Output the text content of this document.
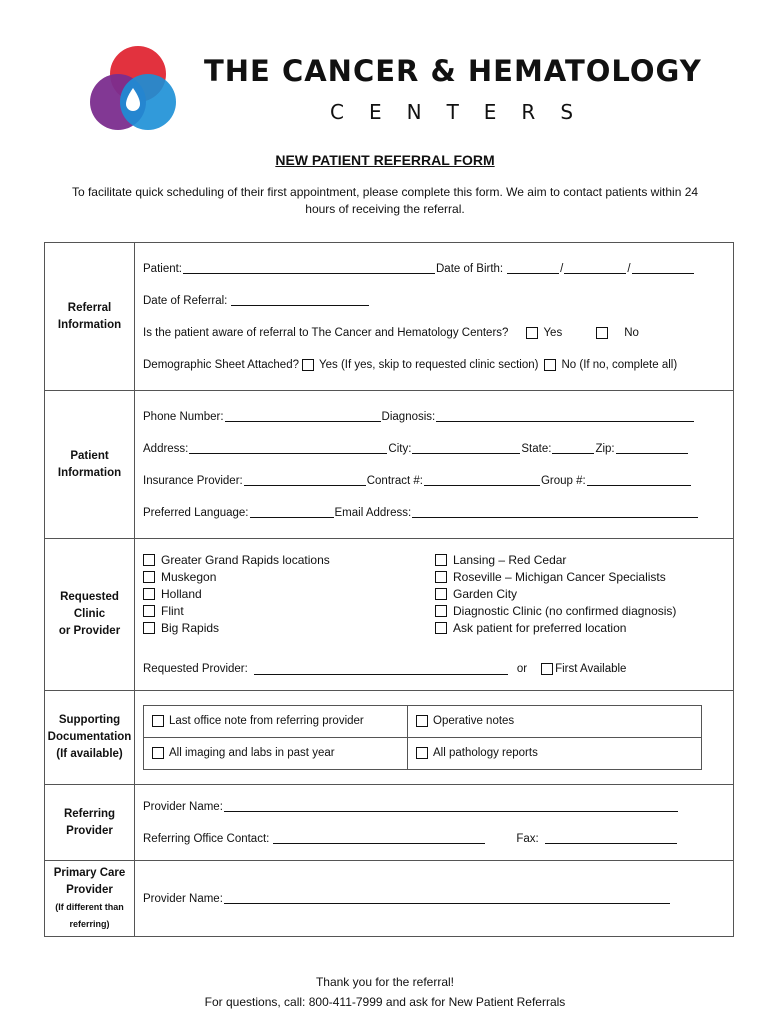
THE CANCER & HEMATOLOGY
CENTERS
NEW PATIENT REFERRAL FORM
To facilitate quick scheduling of their first appointment, please complete this form. We aim to contact patients within 24
hours of receiving the referral.
Referral
Information

Patient:	Date of Birth:	/	/
Date of Referral:
Is the patient aware of referral to The Cancer and Hematology Centers?	Yes	No
Demographic Sheet Attached? Yes (If yes, skip to requested clinic section) No (If no, complete all)

Patient
Information

Phone Number:	Diagnosis:
Address:	City:	State:	Zip:
Insurance Provider:	Contract #:	Group #:
Preferred Language:	Email Address:

Requested Clinic
or Provider

Greater Grand Rapids locations
Muskegon
Holland
Flint
Big Rapids
Lansing – Red Cedar
Roseville – Michigan Cancer Specialists
Garden City
Diagnostic Clinic (no confirmed diagnosis)
Ask patient for preferred location
Requested Provider:	or First Available

Supporting
Documentation
(If available)

Last office note from referring provider	Operative notes
All imaging and labs in past year	All pathology reports

Referring
Provider

Provider Name:
Referring Office Contact:	Fax:

Primary Care
Provider
(If different than
referring)

Provider Name:
Thank you for the referral!
For questions, call: 800-411-7999 and ask for New Patient Referrals
